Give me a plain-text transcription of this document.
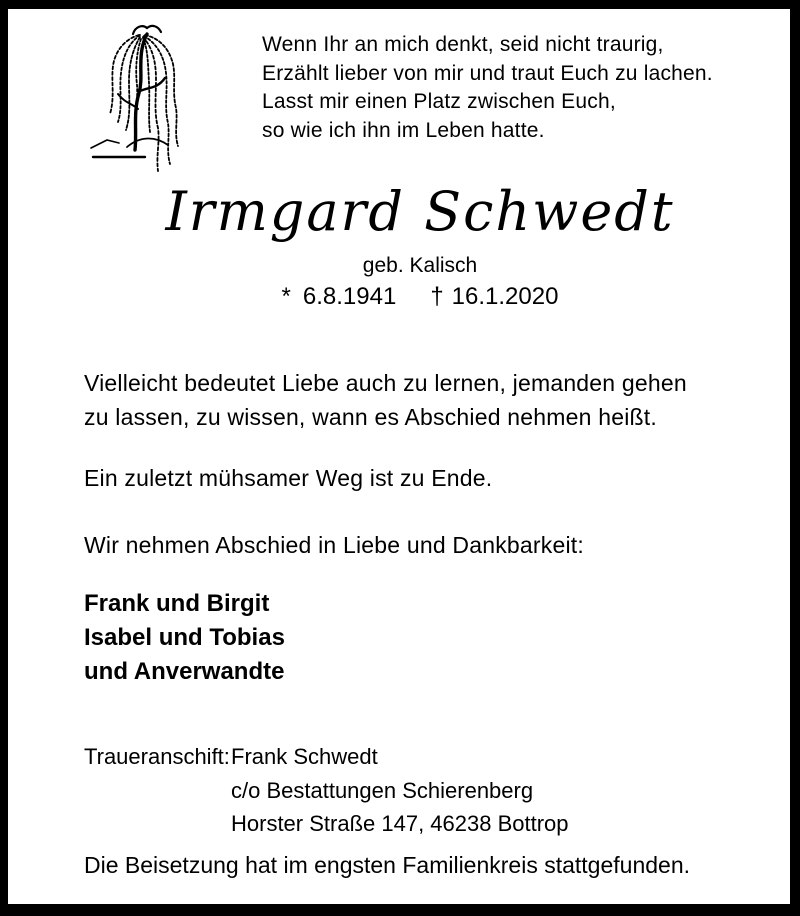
Wenn Ihr an mich denkt, seid nicht traurig,
Erzählt lieber von mir und traut Euch zu lachen.
Lasst mir einen Platz zwischen Euch,
so wie ich ihn im Leben hatte.
Irmgard Schwedt
geb. Kalisch
* 6.8.1941 † 16.1.2020
Vielleicht bedeutet Liebe auch zu lernen, jemanden gehen
zu lassen, zu wissen, wann es Abschied nehmen heißt.
Ein zuletzt mühsamer Weg ist zu Ende.
Wir nehmen Abschied in Liebe und Dankbarkeit:
Frank und Birgit
Isabel und Tobias
und Anverwandte
Traueranschift:Frank Schwedt
c/o Bestattungen Schierenberg
Horster Straße 147, 46238 Bottrop
Die Beisetzung hat im engsten Familienkreis stattgefunden.
